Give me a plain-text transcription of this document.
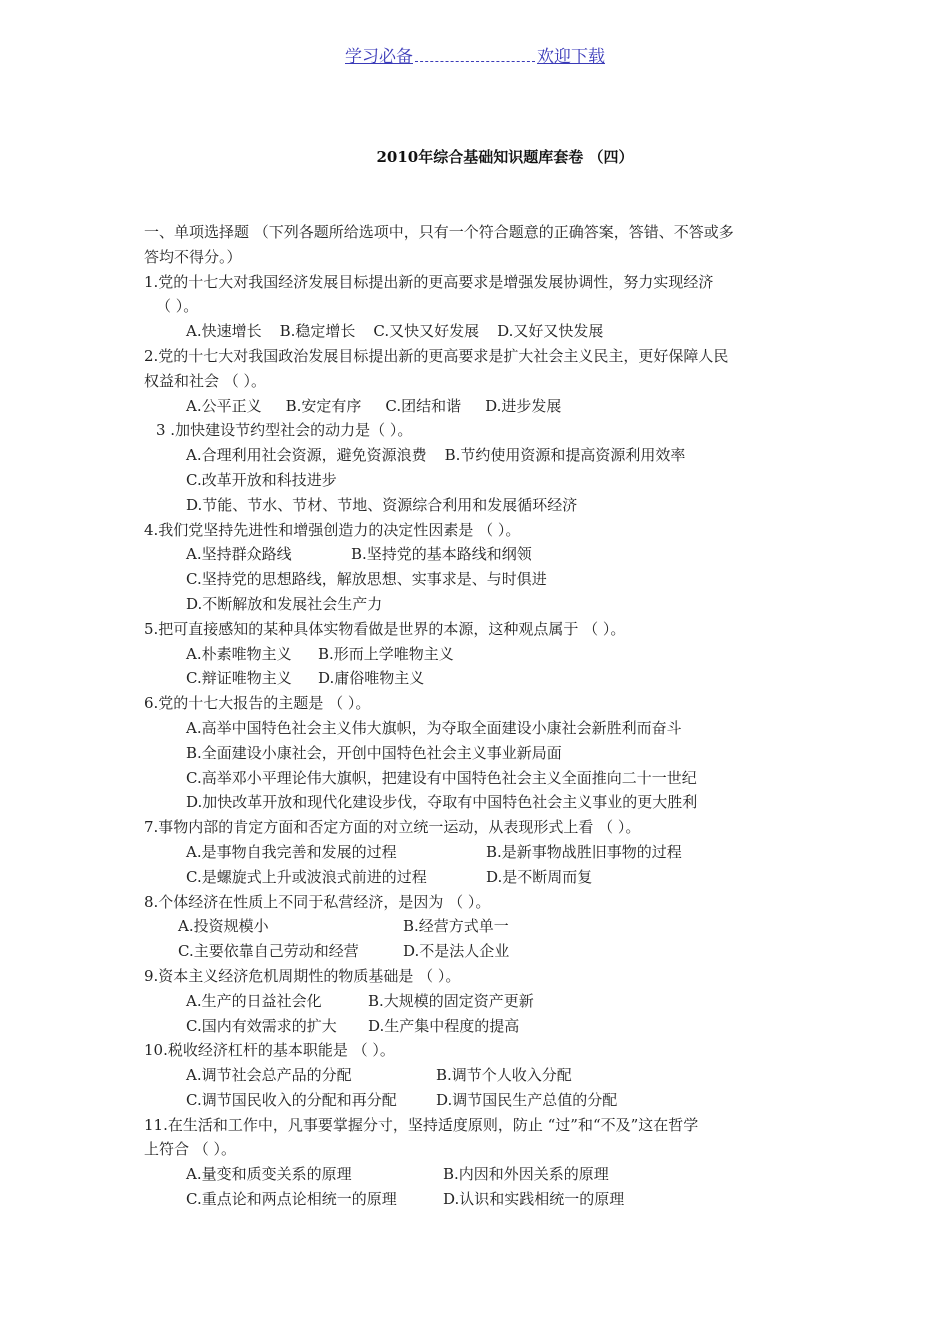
学习必备	欢迎下载
2010年综合基础知识题库套卷 （四）
一、单项选择题 （下列各题所给选项中，只有一个符合题意的正确答案，答错、不答或多
答均不得分。）
1.党的十七大对我国经济发展目标提出新的更高要求是增强发展协调性，努力实现经济
（ ）。
A.快速增长 B.稳定增长 C.又快又好发展 D.又好又快发展
2.党的十七大对我国政治发展目标提出新的更高要求是扩大社会主义民主，更好保障人民
权益和社会 （ ）。
A.公平正义 B.安定有序 C.团结和谐 D.进步发展
3 .加快建设节约型社会的动力是（ ）。
A.合理利用社会资源，避免资源浪费 B.节约使用资源和提高资源利用效率
C.改革开放和科技进步
D.节能、节水、节材、节地、资源综合利用和发展循环经济
4.我们党坚持先进性和增强创造力的决定性因素是 （ ）。
A.坚持群众路线	B.坚持党的基本路线和纲领
C.坚持党的思想路线，解放思想、实事求是、与时俱进
D.不断解放和发展社会生产力
5.把可直接感知的某种具体实物看做是世界的本源，这种观点属于 （ ）。
A.朴素唯物主义 B.形而上学唯物主义
C.辩证唯物主义 D.庸俗唯物主义
6.党的十七大报告的主题是 （ ）。
A.高举中国特色社会主义伟大旗帜，为夺取全面建设小康社会新胜利而奋斗
B.全面建设小康社会，开创中国特色社会主义事业新局面
C.高举邓小平理论伟大旗帜，把建设有中国特色社会主义全面推向二十一世纪
D.加快改革开放和现代化建设步伐，夺取有中国特色社会主义事业的更大胜利
7.事物内部的肯定方面和否定方面的对立统一运动，从表现形式上看 （ ）。
A.是事物自我完善和发展的过程	B.是新事物战胜旧事物的过程
C.是螺旋式上升或波浪式前进的过程	D.是不断周而复
8.个体经济在性质上不同于私营经济，是因为 （ ）。
A.投资规模小	B.经营方式单一
C.主要依靠自己劳动和经营	D.不是法人企业
9.资本主义经济危机周期性的物质基础是 （ ）。
A.生产的日益社会化	B.大规模的固定资产更新
C.国内有效需求的扩大 D.生产集中程度的提高
10.税收经济杠杆的基本职能是 （ ）。
A.调节社会总产品的分配	B.调节个人收入分配
C.调节国民收入的分配和再分配	D.调节国民生产总值的分配
11.在生活和工作中，凡事要掌握分寸，坚持适度原则，防止 “过”和“不及”这在哲学
上符合 （ ）。
A.量变和质变关系的原理	B.内因和外因关系的原理
C.重点论和两点论相统一的原理	D.认识和实践相统一的原理
